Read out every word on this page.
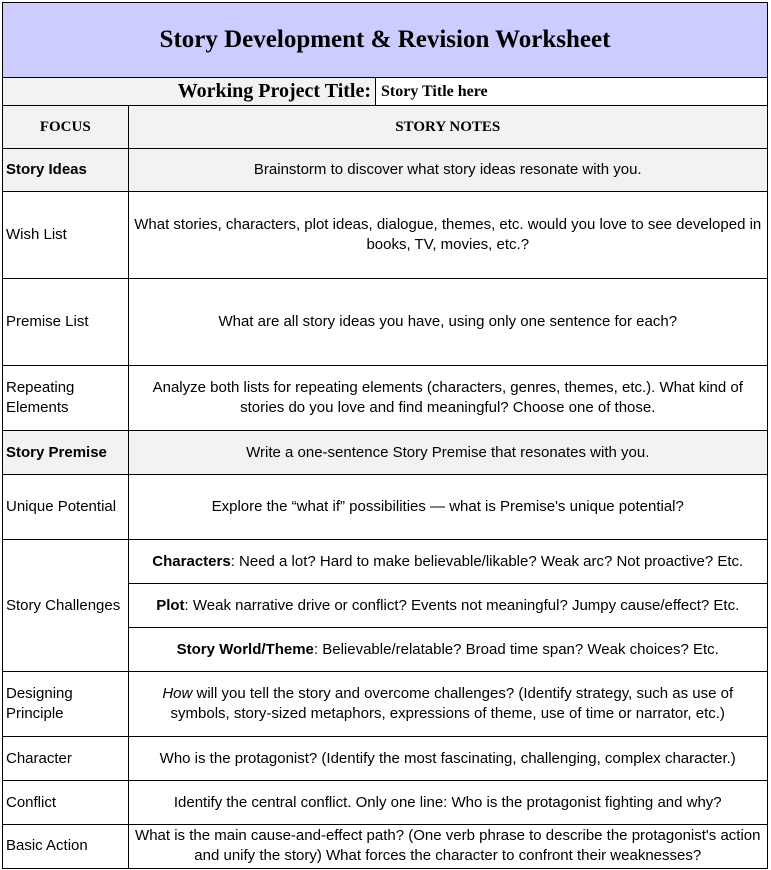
Story Development & Revision Worksheet
Working Project Title: Story Title here
FOCUS	STORY NOTES
Story Ideas	Brainstorm to discover what story ideas resonate with you.
Wish List	What stories, characters, plot ideas, dialogue, themes, etc. would you love to see developed in books, TV, movies, etc.?
Premise List	What are all story ideas you have, using only one sentence for each?
Repeating Elements	Analyze both lists for repeating elements (characters, genres, themes, etc.). What kind of stories do you love and find meaningful? Choose one of those.
Story Premise	Write a one-sentence Story Premise that resonates with you.
Unique Potential	Explore the “what if” possibilities — what is Premise's unique potential?
Story Challenges	Characters: Need a lot? Hard to make believable/likable? Weak arc? Not proactive? Etc.
	Plot: Weak narrative drive or conflict? Events not meaningful? Jumpy cause/effect? Etc.
	Story World/Theme: Believable/relatable? Broad time span? Weak choices? Etc.
Designing Principle	How will you tell the story and overcome challenges? (Identify strategy, such as use of symbols, story-sized metaphors, expressions of theme, use of time or narrator, etc.)
Character	Who is the protagonist? (Identify the most fascinating, challenging, complex character.)
Conflict	Identify the central conflict. Only one line: Who is the protagonist fighting and why?
Basic Action	What is the main cause-and-effect path? (One verb phrase to describe the protagonist's action and unify the story) What forces the character to confront their weaknesses?
